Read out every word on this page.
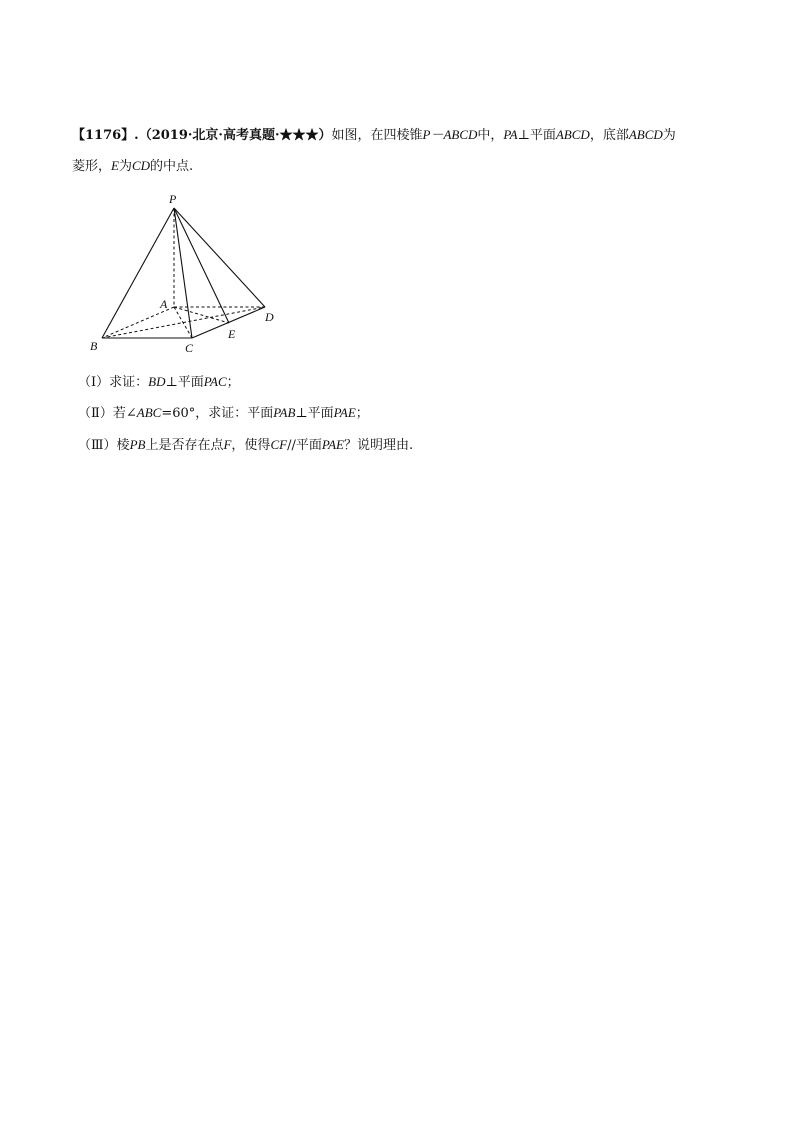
【1176】.（2019·北京·高考真题·★★★）如图，在四棱锥P－ABCD中，PA⊥平面ABCD，底部ABCD为
菱形，E为CD的中点.
P
A
B	C
D
E
（Ⅰ）求证：BD⊥平面PAC；
（Ⅱ）若∠ABC=60°，求证：平面PAB⊥平面PAE；
（Ⅲ）棱PB上是否存在点F，使得CF//平面PAE？说明理由.
